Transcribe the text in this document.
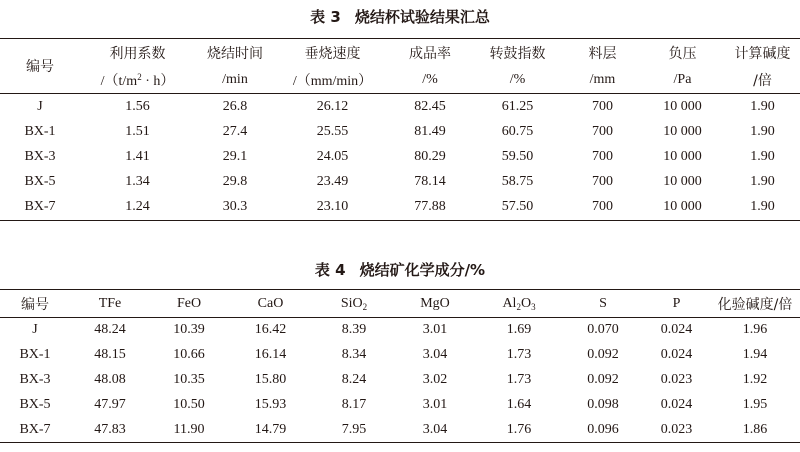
表 3 烧结杯试验结果汇总
编号	利用系数	烧结时间	垂烧速度	成品率	转鼓指数	料层	负压	计算碱度
	$/(t/m^2 \cdot h)$	/min	/（mm/min）	/%	/%	/mm	/Pa	/倍
J	1.56	26.8	26.12	82.45	61.25	700	10 000	1.90
BX-1	1.51	27.4	25.55	81.49	60.75	700	10 000	1.90
BX-3	1.41	29.1	24.05	80.29	59.50	700	10 000	1.90
BX-5	1.34	29.8	23.49	78.14	58.75	700	10 000	1.90
BX-7	1.24	30.3	23.10	77.88	57.50	700	10 000	1.90
表 4 烧结矿化学成分/%
编号	TFe	FeO	CaO	SiO$_2$	MgO	$Al_2O_3$	S	P	化验碱度/倍
J	48.24	10.39	16.42	8.39	3.01	1.69	0.070	0.024	1.96
BX-1	48.15	10.66	16.14	8.34	3.04	1.73	0.092	0.024	1.94
BX-3	48.08	10.35	15.80	8.24	3.02	1.73	0.092	0.023	1.92
BX-5	47.97	10.50	15.93	8.17	3.01	1.64	0.098	0.024	1.95
BX-7	47.83	11.90	14.79	7.95	3.04	1.76	0.096	0.023	1.86
